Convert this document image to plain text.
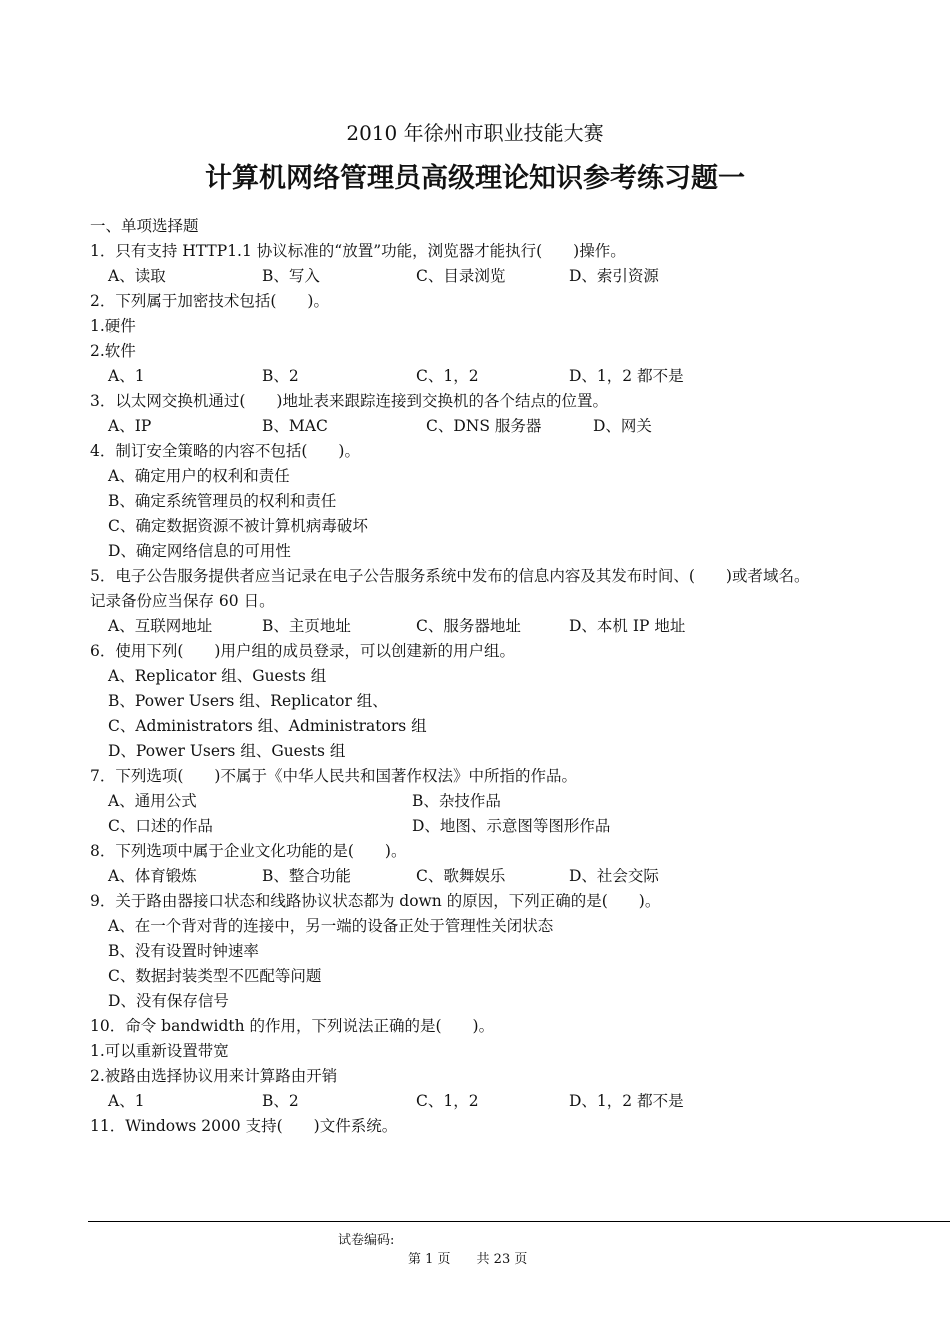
2010 年徐州市职业技能大赛
计算机网络管理员高级理论知识参考练习题一
一、单项选择题
1．只有支持 HTTP1.1 协议标准的“放置”功能，浏览器才能执行(　　)操作。
A、读取	B、写入	C、目录浏览	D、索引资源
2．下列属于加密技术包括(　　)。
1.硬件
2.软件
A、1	B、2	C、1，2	D、1，2 都不是
3．以太网交换机通过(　　)地址表来跟踪连接到交换机的各个结点的位置。
A、IP	B、MAC	C、DNS 服务器	D、网关
4．制订安全策略的内容不包括(　　)。
A、确定用户的权利和责任
B、确定系统管理员的权利和责任
C、确定数据资源不被计算机病毒破坏
D、确定网络信息的可用性
5．电子公告服务提供者应当记录在电子公告服务系统中发布的信息内容及其发布时间、(　　)或者域名。
记录备份应当保存 60 日。
A、互联网地址	B、主页地址	C、服务器地址	D、本机 IP 地址
6．使用下列(　　)用户组的成员登录，可以创建新的用户组。
A、Replicator 组、Guests 组
B、Power Users 组、Replicator 组、
C、Administrators 组、Administrators 组
D、Power Users 组、Guests 组
7．下列选项(　　)不属于《中华人民共和国著作权法》中所指的作品。
A、通用公式	B、杂技作品
C、口述的作品	D、地图、示意图等图形作品
8．下列选项中属于企业文化功能的是(　　)。
A、体育锻炼	B、整合功能	C、歌舞娱乐	D、社会交际
9．关于路由器接口状态和线路协议状态都为 down 的原因，下列正确的是(　　)。
A、在一个背对背的连接中，另一端的设备正处于管理性关闭状态
B、没有设置时钟速率
C、数据封装类型不匹配等问题
D、没有保存信号
10．命令 bandwidth 的作用，下列说法正确的是(　　)。
1.可以重新设置带宽
2.被路由选择协议用来计算路由开销
A、1	B、2	C、1，2	D、1，2 都不是
11．Windows 2000 支持(　　)文件系统。
试卷编码:
第 1 页　　共 23 页
